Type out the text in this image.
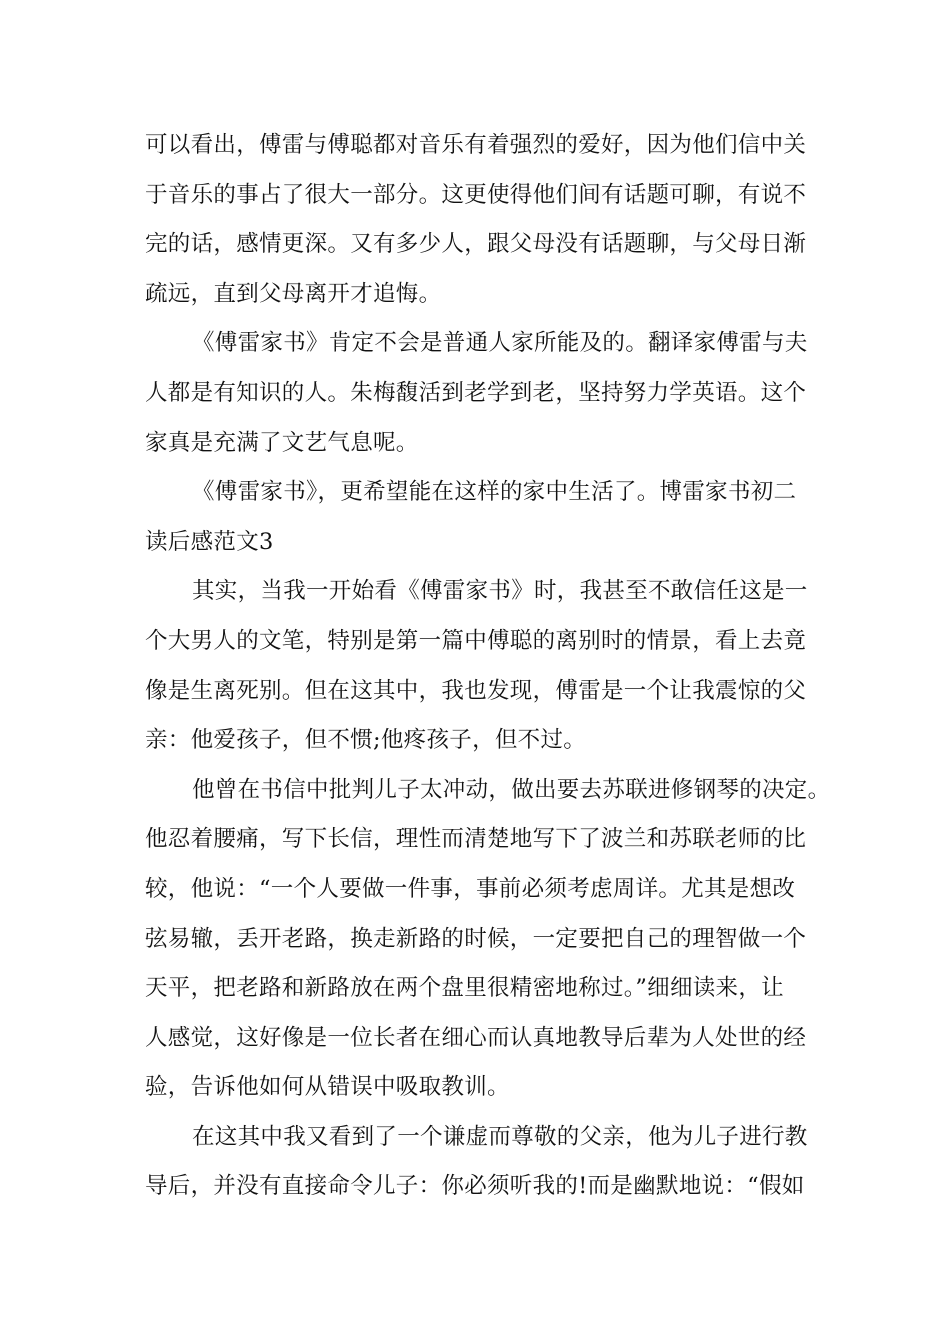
可以看出，傅雷与傅聪都对音乐有着强烈的爱好，因为他们信中关
于音乐的事占了很大一部分。这更使得他们间有话题可聊，有说不
完的话，感情更深。又有多少人，跟父母没有话题聊，与父母日渐
疏远，直到父母离开才追悔。
《傅雷家书》肯定不会是普通人家所能及的。翻译家傅雷与夫
人都是有知识的人。朱梅馥活到老学到老，坚持努力学英语。这个
家真是充满了文艺气息呢。
《傅雷家书》，更希望能在这样的家中生活了。博雷家书初二
读后感范文3
其实，当我一开始看《傅雷家书》时，我甚至不敢信任这是一
个大男人的文笔，特别是第一篇中傅聪的离别时的情景，看上去竟
像是生离死别。但在这其中，我也发现，傅雷是一个让我震惊的父
亲：他爱孩子，但不惯;他疼孩子，但不过。
他曾在书信中批判儿子太冲动，做出要去苏联进修钢琴的决定。
他忍着腰痛，写下长信，理性而清楚地写下了波兰和苏联老师的比
较，他说：“一个人要做一件事，事前必须考虑周详。尤其是想改
弦易辙，丢开老路，换走新路的时候，一定要把自己的理智做一个
天平，把老路和新路放在两个盘里很精密地称过。”细细读来，让
人感觉，这好像是一位长者在细心而认真地教导后辈为人处世的经
验，告诉他如何从错误中吸取教训。
在这其中我又看到了一个谦虚而尊敬的父亲，他为儿子进行教
导后，并没有直接命令儿子：你必须听我的!而是幽默地说：“假如
